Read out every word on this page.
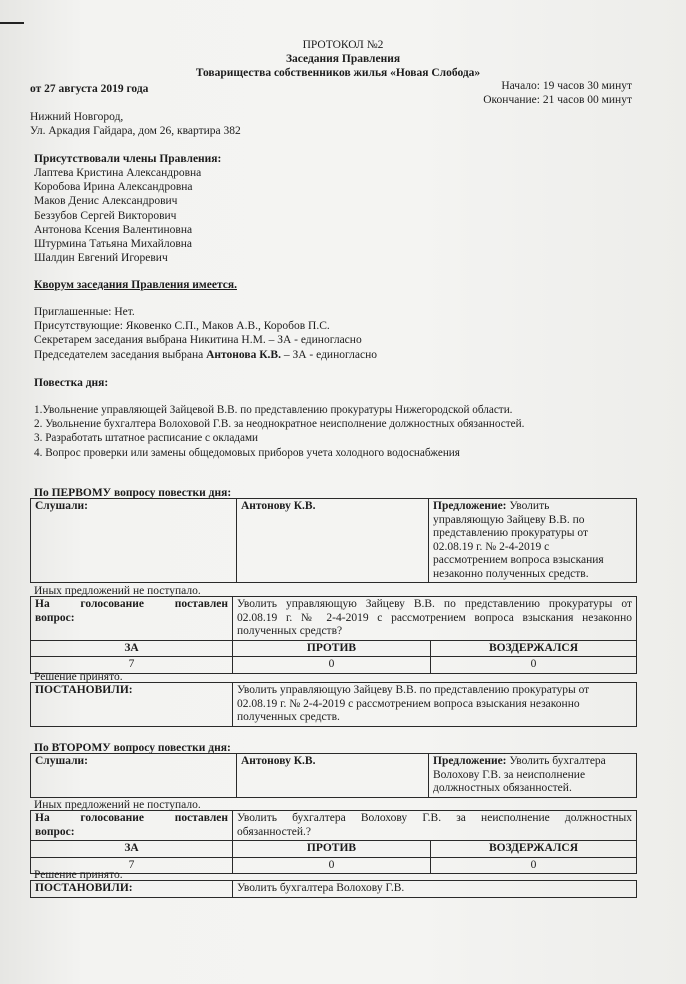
ПРОТОКОЛ №2
Заседания Правления
Товарищества собственников жилья «Новая Слобода»
от 27 августа 2019 года	Начало: 19 часов 30 минут
Окончание: 21 часов 00 минут
Нижний Новгород,
Ул. Аркадия Гайдара, дом 26, квартира 382
Присутствовали члены Правления:
Лаптева Кристина Александровна
Коробова Ирина Александровна
Маков Денис Александрович
Беззубов Сергей Викторович
Антонова Ксения Валентиновна
Штурмина Татьяна Михайловна
Шалдин Евгений Игоревич
Кворум заседания Правления имеется.
Приглашенные: Нет.
Присутствующие: Яковенко С.П., Маков А.В., Коробов П.С.
Секретарем заседания выбрана Никитина Н.М. – ЗА - единогласно
Председателем заседания выбрана Антонова К.В. – ЗА - единогласно
Повестка дня:
1.Увольнение управляющей Зайцевой В.В. по представлению прокуратуры Нижегородской области.
2. Увольнение бухгалтера Волоховой Г.В. за неоднократное неисполнение должностных обязанностей.
3. Разработать штатное расписание с окладами
4. Вопрос проверки или замены общедомовых приборов учета холодного водоснабжения
По ПЕРВОМУ вопросу повестки дня:
Слушали:	Антонову К.В.	Предложение: Уволить
управляющую Зайцеву В.В. по
представлению прокуратуры от
02.08.19 г. № 2-4-2019 с
рассмотрением вопроса взыскания
незаконно полученных средств.
Иных предложений не поступало.
На голосование поставлен
вопрос:	Уволить управляющую Зайцеву В.В. по представлению прокуратуры от
02.08.19 г. № 2-4-2019 с рассмотрением вопроса взыскания незаконно
полученных средств?	

ЗА	ПРОТИВ	ВОЗДЕРЖАЛСЯ
7	0	0
Решение принято.
ПОСТАНОВИЛИ:	Уволить управляющую Зайцеву В.В. по представлению прокуратуры от
02.08.19 г. № 2-4-2019 с рассмотрением вопроса взыскания незаконно
полученных средств.
По ВТОРОМУ вопросу повестки дня:
Слушали:	Антонову К.В.	Предложение: Уволить бухгалтера
Волохову Г.В. за неисполнение
должностных обязанностей.
Иных предложений не поступало.
На голосование поставлен
вопрос:	Уволить бухгалтера Волохову Г.В. за неисполнение должностных
обязанностей.?	

ЗА	ПРОТИВ	ВОЗДЕРЖАЛСЯ
7	0	0
Решение принято.
ПОСТАНОВИЛИ:	Уволить бухгалтера Волохову Г.В.
